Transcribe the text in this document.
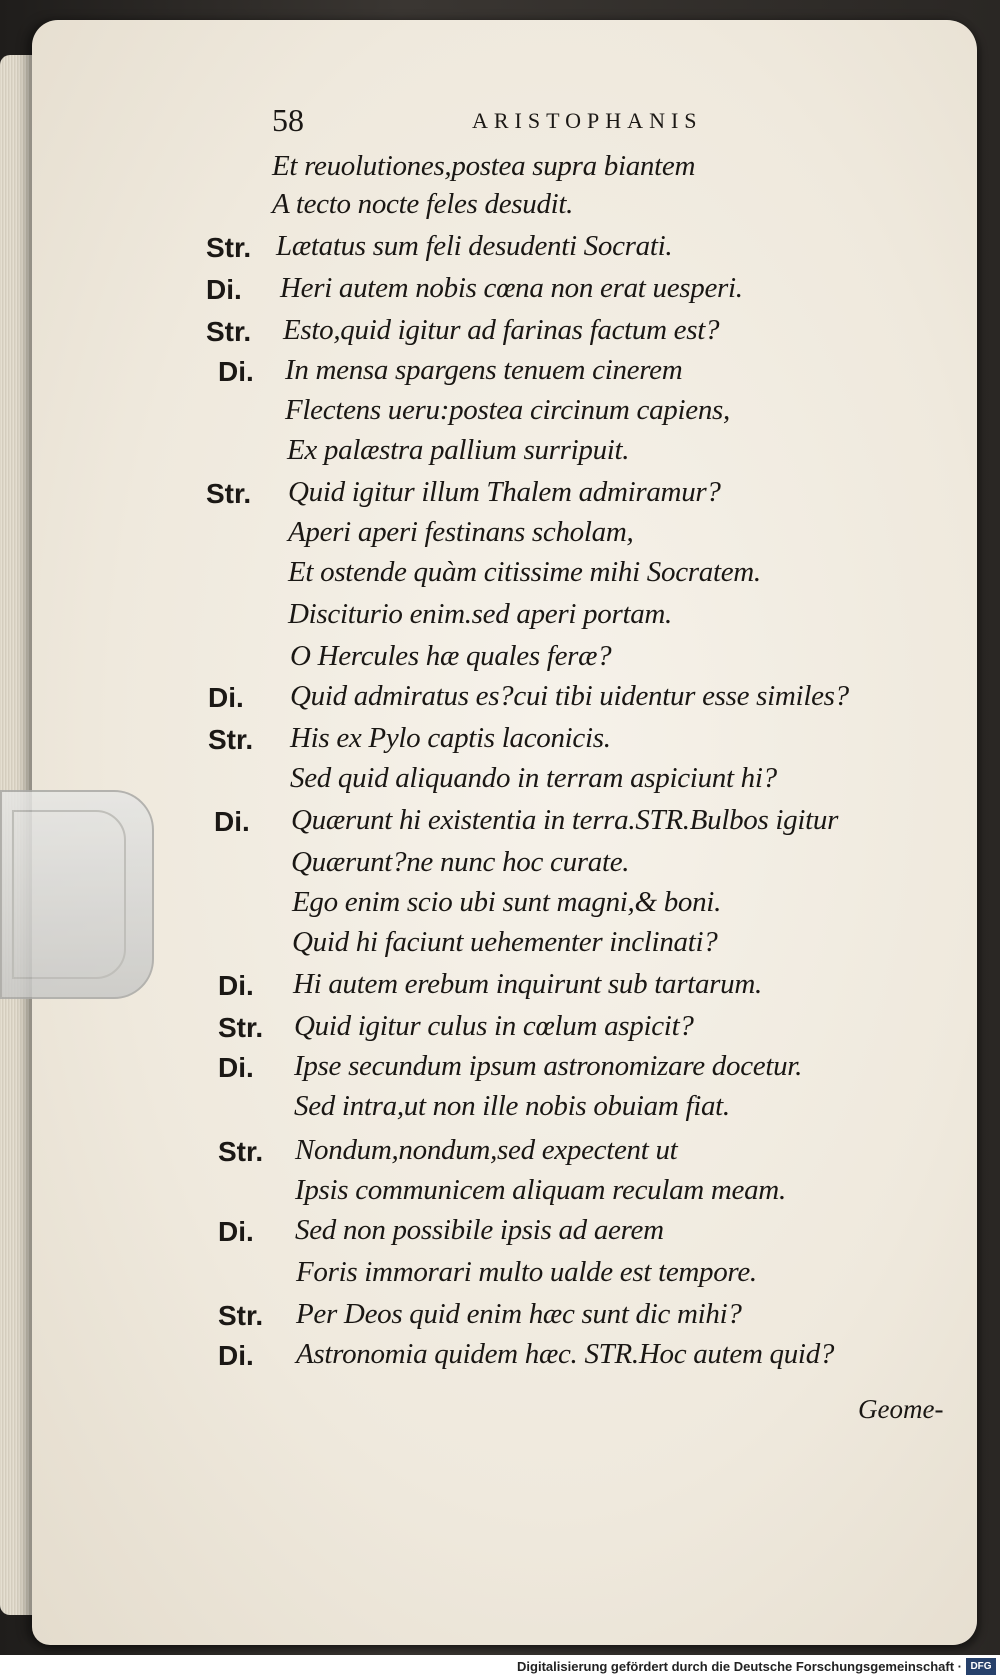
58	ARISTOPHANIS
Et reuolutiones,postea supra biantem
A tecto nocte feles desudit.
Str. Lætatus sum feli desudenti Socrati.
Di.	Heri autem nobis cœna non erat uesperi.
Str.	Esto,quid igitur ad farinas factum est?
Di.	In mensa spargens tenuem cinerem
Flectens ueru:postea circinum capiens,
Ex palæstra pallium surripuit.
Str.	Quid igitur illum Thalem admiramur?
Aperi aperi festinans scholam,
Et ostende quàm citissime mihi Socratem.
Disciturio enim.sed aperi portam.
O Hercules hæ quales feræ?
Di.	Quid admiratus es?cui tibi uidentur esse similes?
Str.	His ex Pylo captis laconicis.
Sed quid aliquando in terram aspiciunt hi?
Di.	Quærunt hi existentia in terra.STR.Bulbos igitur
Quærunt?ne nunc hoc curate.
Ego enim scio ubi sunt magni,& boni.
Quid hi faciunt uehementer inclinati?
Di.	Hi autem erebum inquirunt sub tartarum.
Str.	Quid igitur culus in cœlum aspicit?
Di.	Ipse secundum ipsum astronomizare docetur.
Sed intra,ut non ille nobis obuiam fiat.
Str.	Nondum,nondum,sed expectent ut
Ipsis communicem aliquam reculam meam.
Di.	Sed non possibile ipsis ad aerem
Foris immorari multo ualde est tempore.
Str.	Per Deos quid enim hæc sunt dic mihi?
Di.	Astronomia quidem hæc. STR.Hoc autem quid?
Geome-
Digitalisierung gefördert durch die Deutsche Forschungsgemeinschaft · DFG
